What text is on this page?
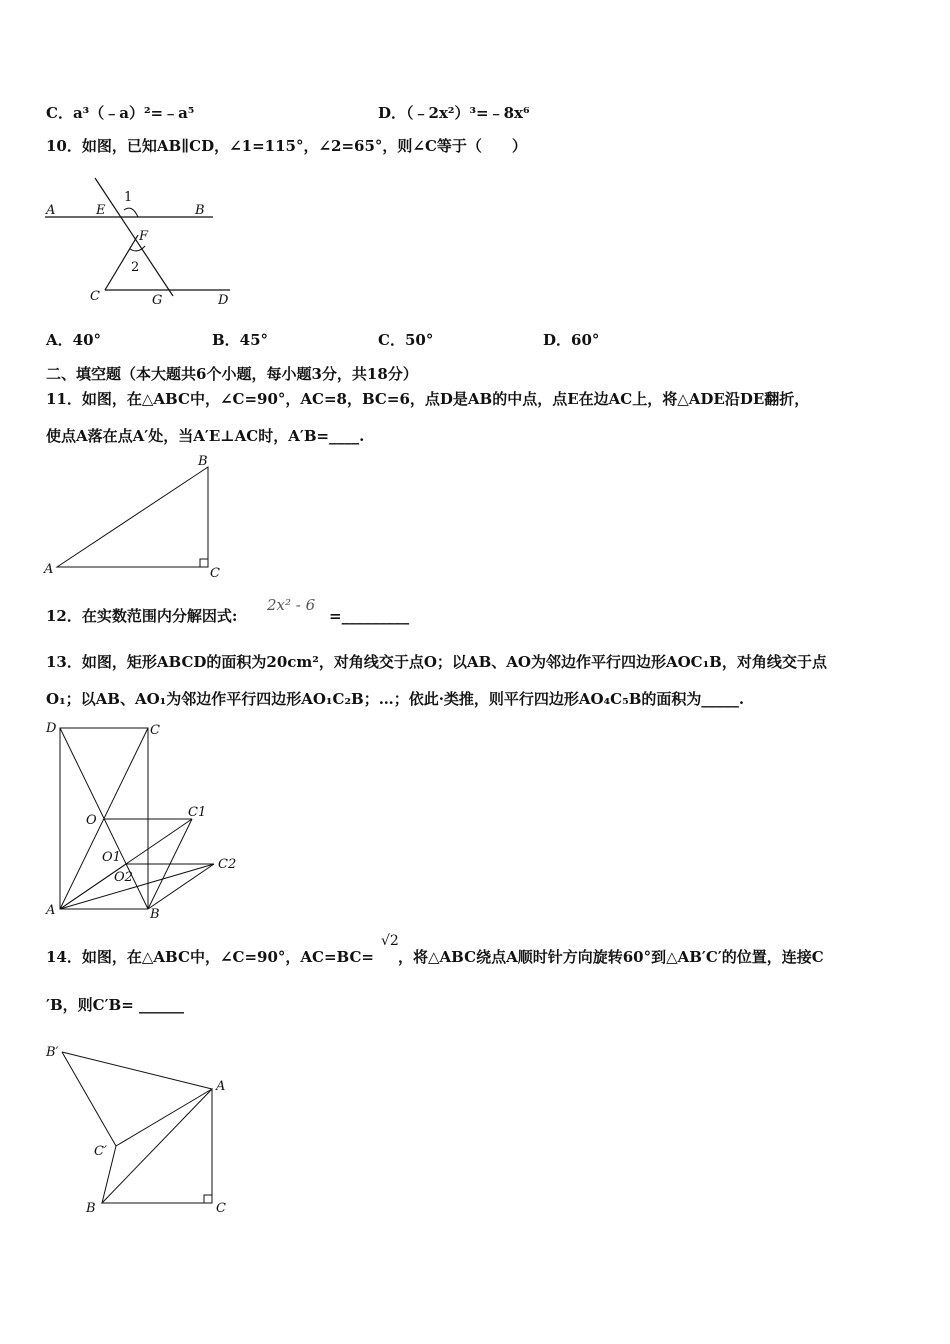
C．a³（﹣a）²=﹣a⁵	D．（﹣2x²）³=﹣8x⁶
10．如图，已知AB∥CD，∠1=115°，∠2=65°，则∠C等于（　　）
A	E
1
B
F
2
C	G	D
A．40°	B．45°	C．50°	D．60°
二、填空题（本大题共6个小题，每小题3分，共18分）
11．如图，在△ABC中，∠C=90°，AC=8，BC=6，点D是AB的中点，点E在边AC上，将△ADE沿DE翻折，
使点A落在点A′处，当A′E⊥AC时，A′B=____.
B
A	C
12．在实数范围内分解因式:
2x² - 6
=_________
13．如图，矩形ABCD的面积为20cm²，对角线交于点O；以AB、AO为邻边作平行四边形AOC₁B，对角线交于点
O₁；以AB、AO₁为邻边作平行四边形AO₁C₂B；…；依此·类推，则平行四边形AO₄C₅B的面积为_____.
D	C
O
C1
O1
O2
C2
A	B
14．如图，在△ABC中，∠C=90°，AC=BC=
√2
，将△ABC绕点A顺时针方向旋转60°到△AB′C′的位置，连接C
′B，则C′B= ______
B′
A
C′
B	C
